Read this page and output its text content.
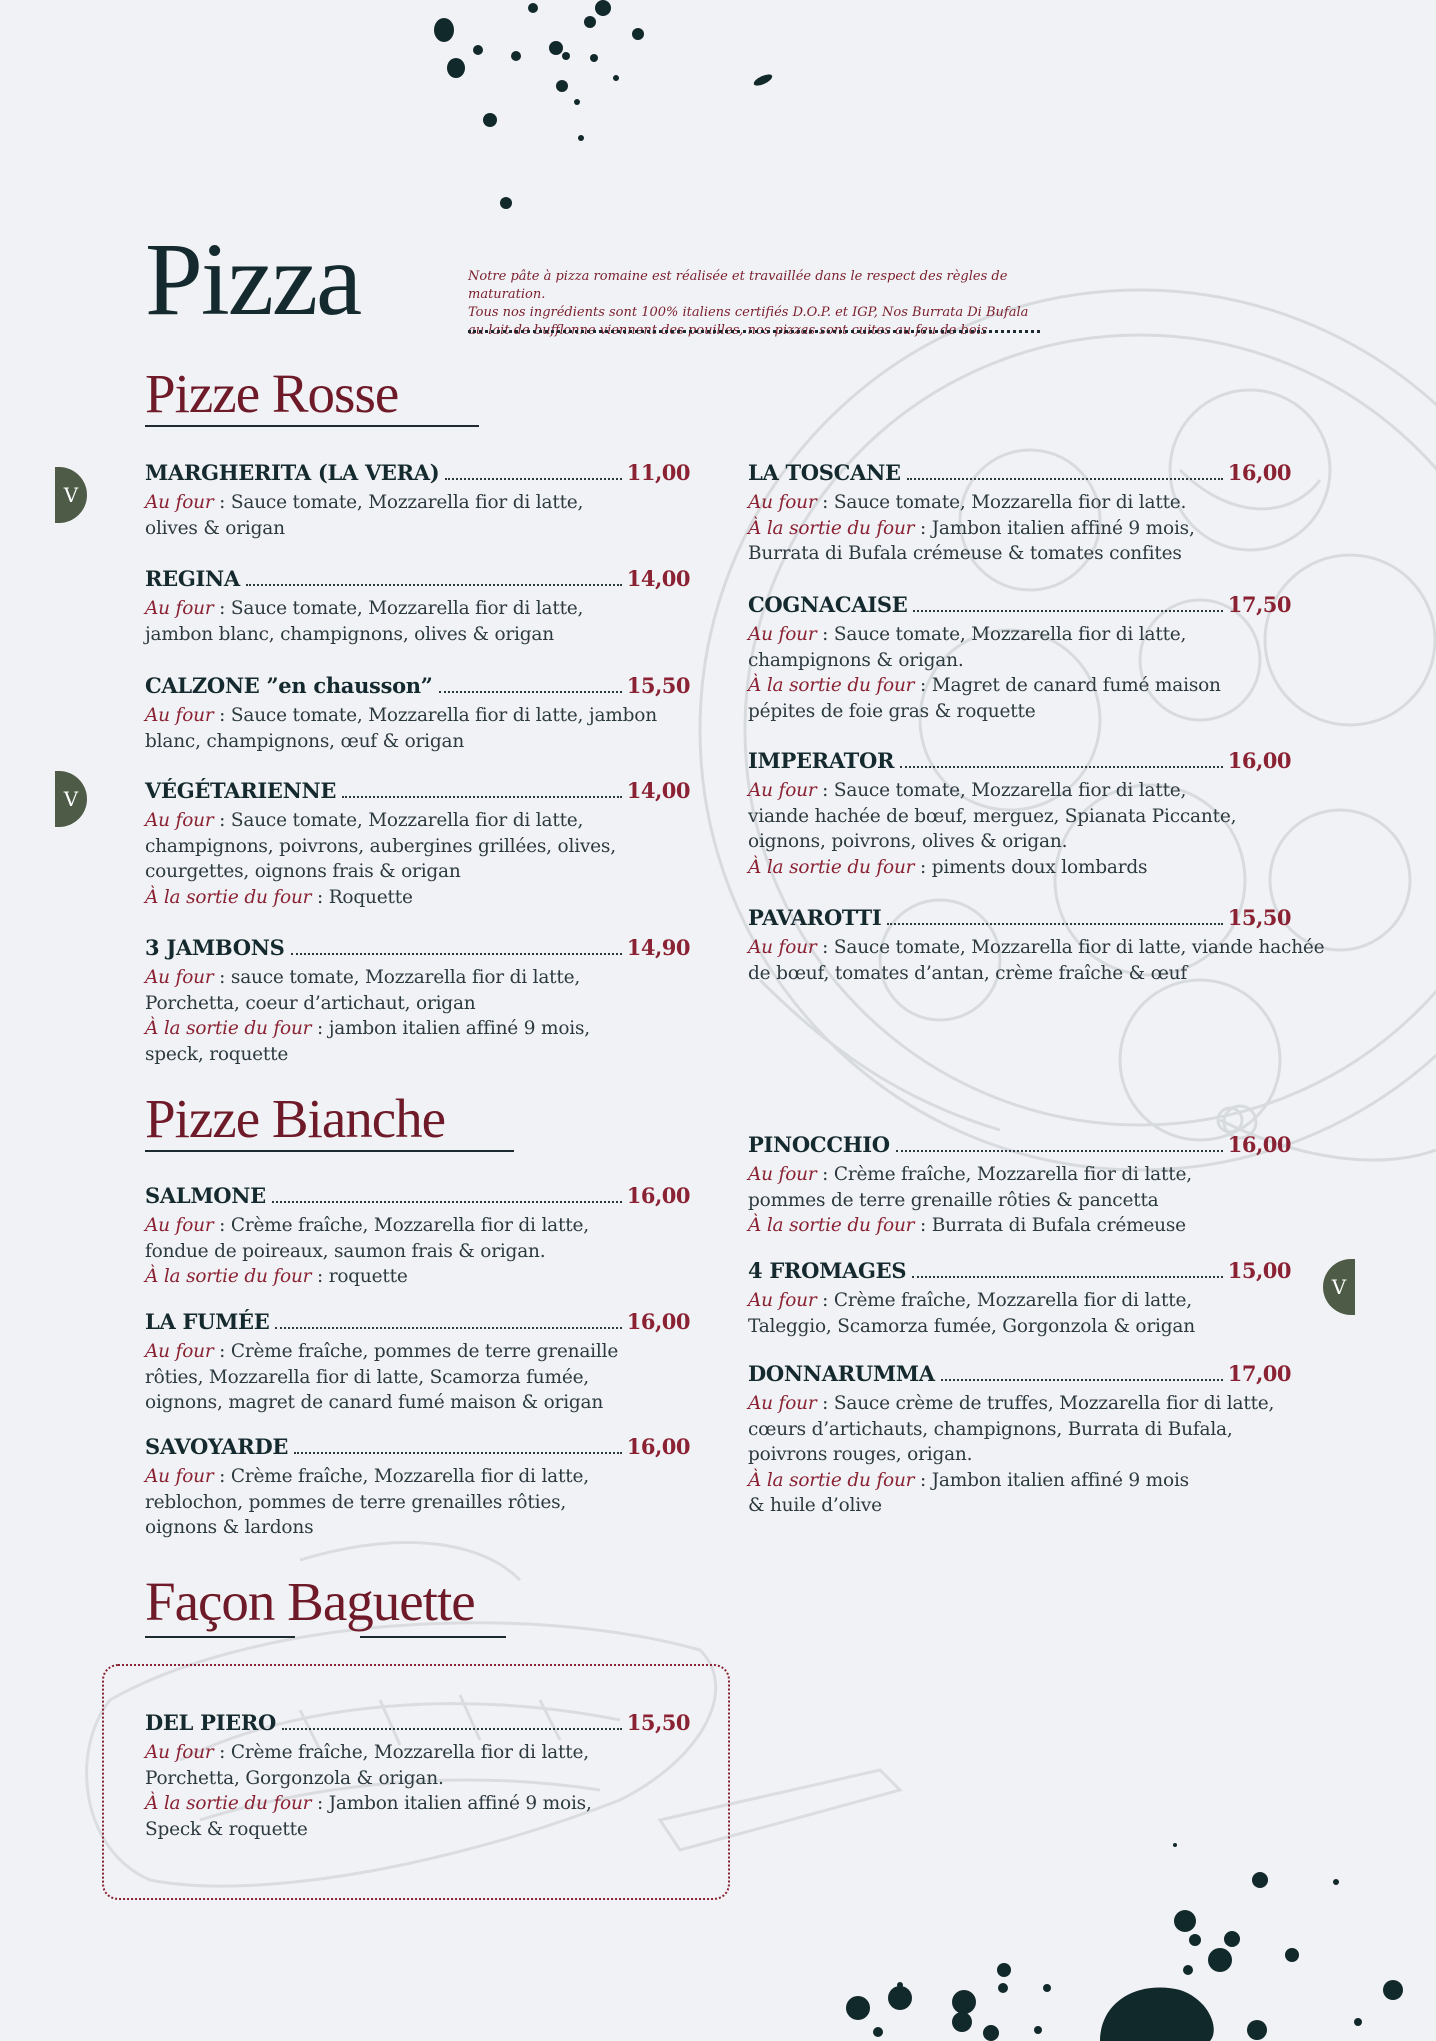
Pizza	Notre pâte à pizza romaine est réalisée et travaillée dans le respect des règles de maturation.
Tous nos ingrédients sont 100% italiens certifiés D.O.P. et IGP, Nos Burrata Di Bufala
au lait de bufflonne viennent des pouilles, nos pizzas sont cuites au feu de bois
Pizze Rosse
Pizze Bianche
Façon Baguette
V
V
V
MARGHERITA (LA VERA)	11,00
Au four : Sauce tomate, Mozzarella fior di latte,
olives & origan
REGINA	14,00
Au four : Sauce tomate, Mozzarella fior di latte,
jambon blanc, champignons, olives & origan
CALZONE ”en chausson”	15,50
Au four : Sauce tomate, Mozzarella fior di latte, jambon
blanc, champignons, œuf & origan
VÉGÉTARIENNE	14,00
Au four : Sauce tomate, Mozzarella fior di latte,
champignons, poivrons, aubergines grillées, olives,
courgettes, oignons frais & origan
À la sortie du four : Roquette
3 JAMBONS	14,90
Au four : sauce tomate, Mozzarella fior di latte,
Porchetta, coeur d’artichaut, origan
À la sortie du four : jambon italien affiné 9 mois,
speck, roquette
LA TOSCANE	16,00
Au four : Sauce tomate, Mozzarella fior di latte.
À la sortie du four : Jambon italien affiné 9 mois,
Burrata di Bufala crémeuse & tomates confites
COGNACAISE	17,50
Au four : Sauce tomate, Mozzarella fior di latte,
champignons & origan.
À la sortie du four : Magret de canard fumé maison
pépites de foie gras & roquette
IMPERATOR	16,00
Au four : Sauce tomate, Mozzarella fior di latte,
viande hachée de bœuf, merguez, Spianata Piccante,
oignons, poivrons, olives & origan.
À la sortie du four : piments doux lombards
PAVAROTTI	15,50
Au four : Sauce tomate, Mozzarella fior di latte, viande hachée
de bœuf, tomates d’antan, crème fraîche & œuf
SALMONE	16,00
Au four : Crème fraîche, Mozzarella fior di latte,
fondue de poireaux, saumon frais & origan.
À la sortie du four : roquette
LA FUMÉE	16,00
Au four : Crème fraîche, pommes de terre grenaille
rôties, Mozzarella fior di latte, Scamorza fumée,
oignons, magret de canard fumé maison & origan
SAVOYARDE	16,00
Au four : Crème fraîche, Mozzarella fior di latte,
reblochon, pommes de terre grenailles rôties,
oignons & lardons
PINOCCHIO	16,00
Au four : Crème fraîche, Mozzarella fior di latte,
pommes de terre grenaille rôties & pancetta
À la sortie du four : Burrata di Bufala crémeuse
4 FROMAGES	15,00
Au four : Crème fraîche, Mozzarella fior di latte,
Taleggio, Scamorza fumée, Gorgonzola & origan
DONNARUMMA	17,00
Au four : Sauce crème de truffes, Mozzarella fior di latte,
cœurs d’artichauts, champignons, Burrata di Bufala,
poivrons rouges, origan.
À la sortie du four : Jambon italien affiné 9 mois
& huile d’olive
DEL PIERO	15,50
Au four : Crème fraîche, Mozzarella fior di latte,
Porchetta, Gorgonzola & origan.
À la sortie du four : Jambon italien affiné 9 mois,
Speck & roquette
